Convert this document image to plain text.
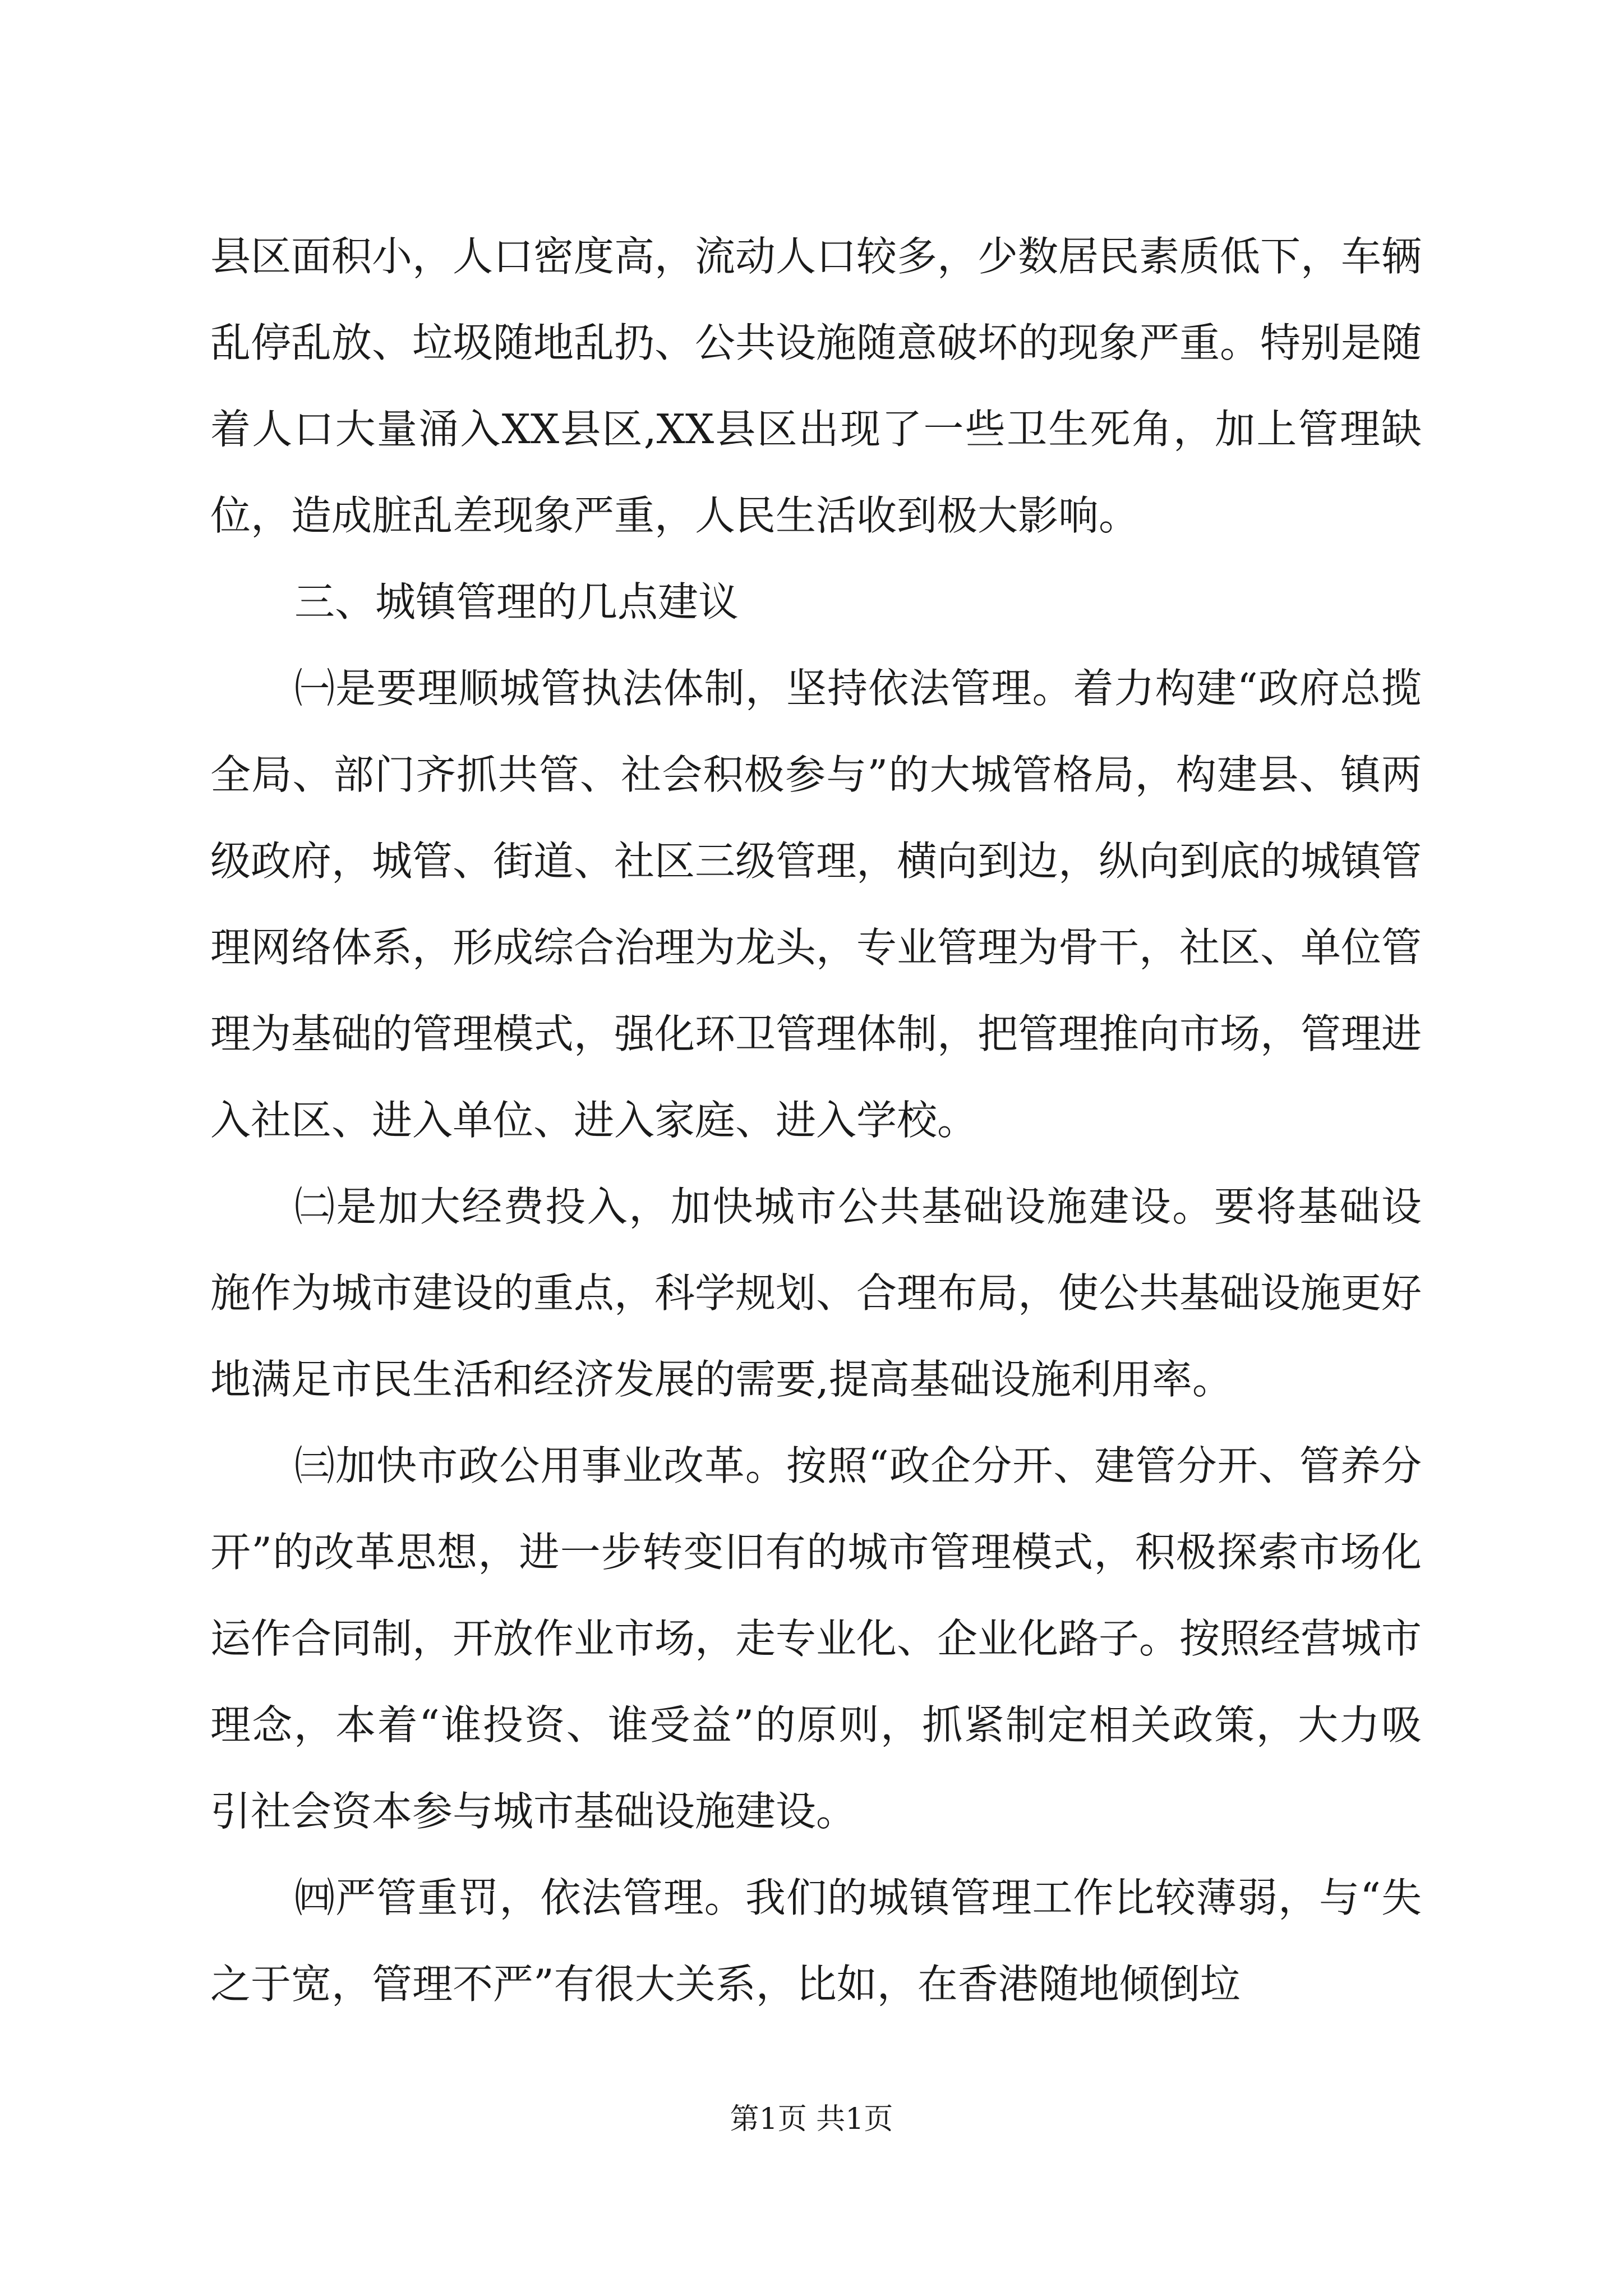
县区面积小，人口密度高，流动人口较多，少数居民素质低下，车辆乱停乱放、垃圾随地乱扔、公共设施随意破坏的现象严重。特别是随着人口大量涌入XX县区,XX县区出现了一些卫生死角，加上管理缺位，造成脏乱差现象严重，人民生活收到极大影响。

三、城镇管理的几点建议

㈠是要理顺城管执法体制，坚持依法管理。着力构建“政府总揽全局、部门齐抓共管、社会积极参与”的大城管格局，构建县、镇两级政府，城管、街道、社区三级管理，横向到边，纵向到底的城镇管理网络体系，形成综合治理为龙头，专业管理为骨干，社区、单位管理为基础的管理模式，强化环卫管理体制，把管理推向市场，管理进入社区、进入单位、进入家庭、进入学校。

㈡是加大经费投入，加快城市公共基础设施建设。要将基础设施作为城市建设的重点，科学规划、合理布局，使公共基础设施更好地满足市民生活和经济发展的需要,提高基础设施利用率。

㈢加快市政公用事业改革。按照“政企分开、建管分开、管养分开”的改革思想，进一步转变旧有的城市管理模式，积极探索市场化运作合同制，开放作业市场，走专业化、企业化路子。按照经营城市理念，本着“谁投资、谁受益”的原则，抓紧制定相关政策，大力吸引社会资本参与城市基础设施建设。

㈣严管重罚，依法管理。我们的城镇管理工作比较薄弱，与“失之于宽，管理不严”有很大关系，比如，在香港随地倾倒垃

第1页 共1页
